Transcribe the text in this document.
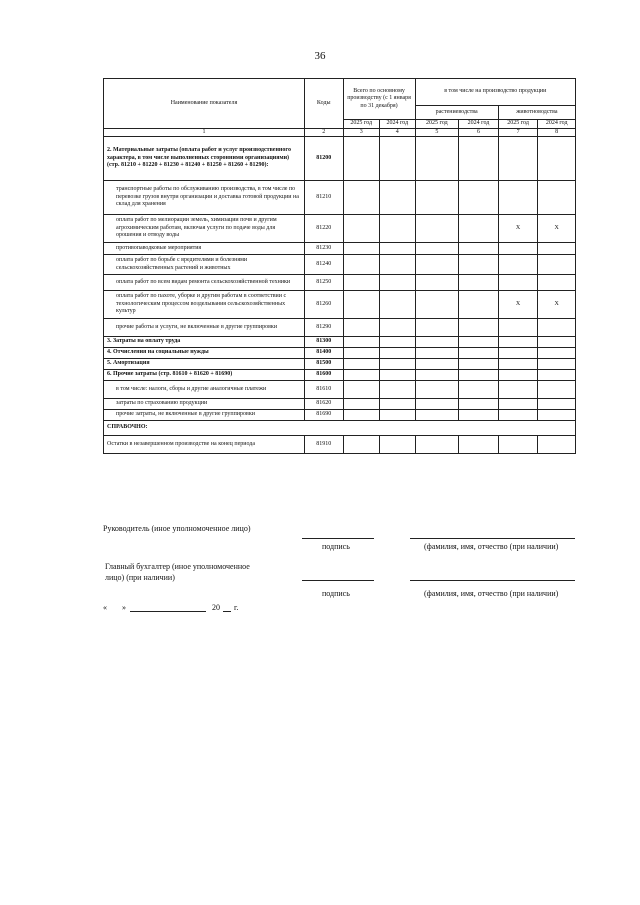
36
Наименование показателя	Коды	Всего по основному производству (с 1 января по 31 декабря)		в том числе на производство продукции			
				растениеводства		животноводства	
		2025 год	2024 год	2025 год	2024 год	2025 год	2024 год
1	2	3	4	5	6	7	8
2. Материальные затраты (оплата работ и услуг производственного характера, в том числе выполненных сторонними организациями) (стр. 81210 + 81220 + 81230 + 81240 + 81250 + 81260 + 81290):	81200						
транспортные работы по обслуживанию производства, в том числе по перевозке грузов внутри организации и доставка готовой продукции на склад для хранения	81210						
оплата работ по мелиорации земель, химизации почв и другим агрохимическим работам, включая услуги по подаче воды для орошения и отводу воды	81220					X	X
противопаводковые мероприятия	81230						
оплата работ по борьбе с вредителями и болезнями сельскохозяйственных растений и животных	81240						
оплата работ по всем видам ремонта сельскохозяйственной техники	81250						
оплата работ по пахоте, уборке и другим работам в соответствии с технологическим процессом возделывания сельскохозяйственных культур	81260					X	X
прочие работы и услуги, не включенные в другие группировки	81290						
3. Затраты на оплату труда	81300						
4. Отчисления на социальные нужды	81400						
5. Амортизация	81500						
6. Прочие затраты (стр. 81610 + 81620 + 81690)	81600						
в том числе: налоги, сборы и другие аналогичные платежи	81610						
затраты по страхованию продукции	81620						
прочие затраты, не включенные в другие группировки	81690						
СПРАВОЧНО:							
Остатки в незавершенном производстве на конец периода	81910						
Руководитель (иное уполномоченное лицо)
подпись	(фамилия, имя, отчество (при наличии)
Главный бухгалтер (иное уполномоченное
лицо) (при наличии)
подпись	(фамилия, имя, отчество (при наличии)
« »	20 г.
